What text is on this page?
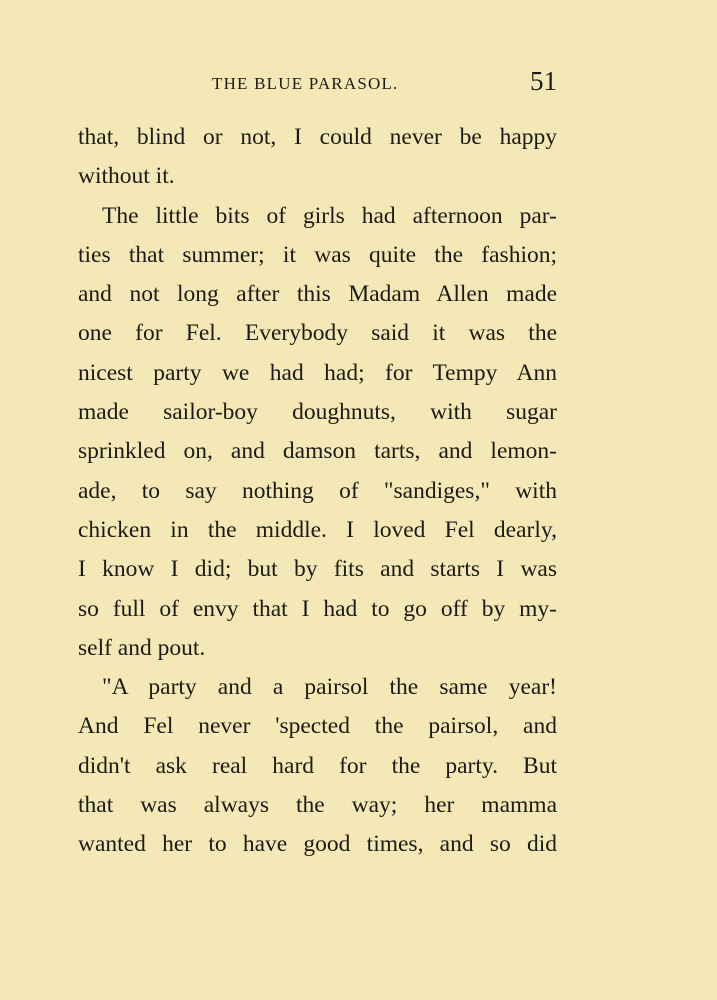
THE BLUE PARASOL.	51
that, blind or not, I could never be happy
without it.
The little bits of girls had afternoon par-
ties that summer; it was quite the fashion;
and not long after this Madam Allen made
one for Fel. Everybody said it was the
nicest party we had had; for Tempy Ann
made sailor-boy doughnuts, with sugar
sprinkled on, and damson tarts, and lemon-
ade, to say nothing of "sandiges," with
chicken in the middle. I loved Fel dearly,
I know I did; but by fits and starts I was
so full of envy that I had to go off by my-
self and pout.
"A party and a pairsol the same year!
And Fel never 'spected the pairsol, and
didn't ask real hard for the party. But
that was always the way; her mamma
wanted her to have good times, and so did
